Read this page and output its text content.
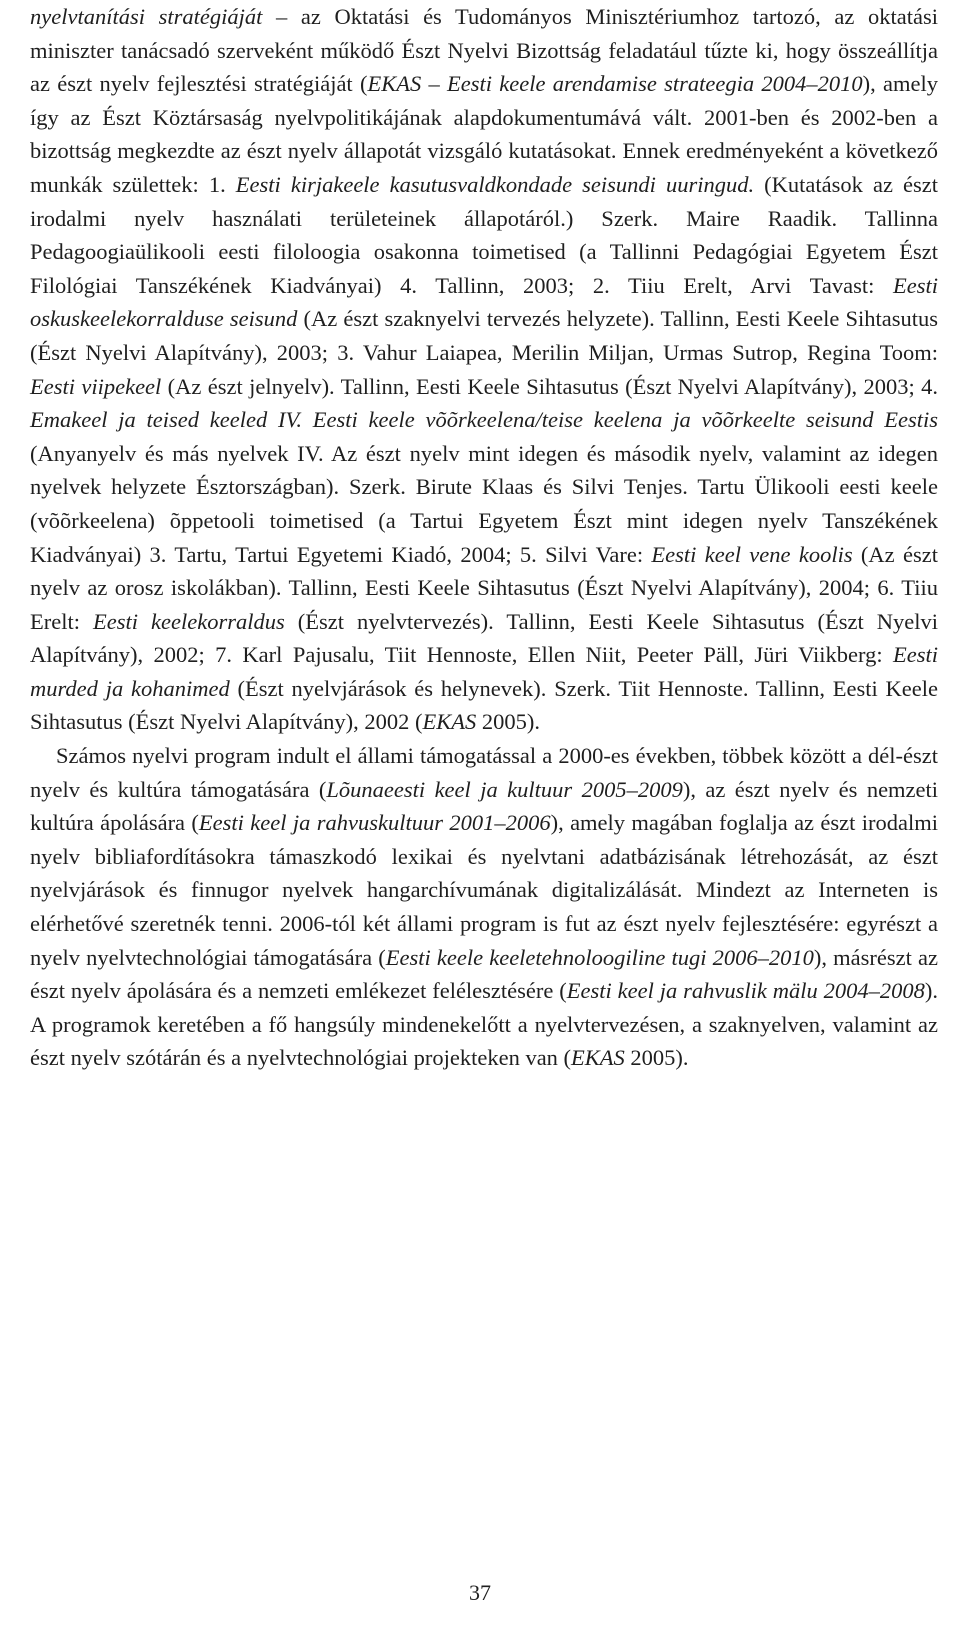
nyelvtanítási stratégiáját – az Oktatási és Tudományos Minisztériumhoz tartozó, az oktatási miniszter tanácsadó szerveként működő Észt Nyelvi Bizottság feladatául tűzte ki, hogy összeállítja az észt nyelv fejlesztési stratégiáját (EKAS – Eesti keele arendamise strateegia 2004–2010), amely így az Észt Köztársaság nyelvpolitikájának alapdokumentumává vált. 2001-ben és 2002-ben a bizottság megkezdte az észt nyelv állapotát vizsgáló kutatásokat. Ennek eredményeként a következő munkák születtek: 1. Eesti kirjakeele kasutusvaldkondade seisundi uuringud. (Kutatások az észt irodalmi nyelv használati területeinek állapotáról.) Szerk. Maire Raadik. Tallinna Pedagoogiaülikooli eesti filoloogia osakonna toimetised (a Tallinni Pedagógiai Egyetem Észt Filológiai Tanszékének Kiadványai) 4. Tallinn, 2003; 2. Tiiu Erelt, Arvi Tavast: Eesti oskuskeelekorralduse seisund (Az észt szaknyelvi tervezés helyzete). Tallinn, Eesti Keele Sihtasutus (Észt Nyelvi Alapítvány), 2003; 3. Vahur Laiapea, Merilin Miljan, Urmas Sutrop, Regina Toom: Eesti viipekeel (Az észt jelnyelv). Tallinn, Eesti Keele Sihtasutus (Észt Nyelvi Alapítvány), 2003; 4. Emakeel ja teised keeled IV. Eesti keele võõrkeelena/teise keelena ja võõrkeelte seisund Eestis (Anyanyelv és más nyelvek IV. Az észt nyelv mint idegen és második nyelv, valamint az idegen nyelvek helyzete Észtországban). Szerk. Birute Klaas és Silvi Tenjes. Tartu Ülikooli eesti keele (võõrkeelena) õppetooli toimetised (a Tartui Egyetem Észt mint idegen nyelv Tanszékének Kiadványai) 3. Tartu, Tartui Egyetemi Kiadó, 2004; 5. Silvi Vare: Eesti keel vene koolis (Az észt nyelv az orosz iskolákban). Tallinn, Eesti Keele Sihtasutus (Észt Nyelvi Alapítvány), 2004; 6. Tiiu Erelt: Eesti keelekorraldus (Észt nyelvtervezés). Tallinn, Eesti Keele Sihtasutus (Észt Nyelvi Alapítvány), 2002; 7. Karl Pajusalu, Tiit Hennoste, Ellen Niit, Peeter Päll, Jüri Viikberg: Eesti murded ja kohanimed (Észt nyelvjárások és helynevek). Szerk. Tiit Hennoste. Tallinn, Eesti Keele Sihtasutus (Észt Nyelvi Alapítvány), 2002 (EKAS 2005).

Számos nyelvi program indult el állami támogatással a 2000-es években, többek között a dél-észt nyelv és kultúra támogatására (Lõunaeesti keel ja kultuur 2005–2009), az észt nyelv és nemzeti kultúra ápolására (Eesti keel ja rahvuskultuur 2001–2006), amely magában foglalja az észt irodalmi nyelv bibliafordításokra támaszkodó lexikai és nyelvtani adatbázisának létrehozását, az észt nyelvjárások és finnugor nyelvek hangarchívumának digitalizálását. Mindezt az Interneten is elérhetővé szeretnék tenni. 2006-tól két állami program is fut az észt nyelv fejlesztésére: egyrészt a nyelv nyelvtechnológiai támogatására (Eesti keele keeletehnoloogiline tugi 2006–2010), másrészt az észt nyelv ápolására és a nemzeti emlékezet felélesztésére (Eesti keel ja rahvuslik mälu 2004–2008). A programok keretében a fő hangsúly mindenekelőtt a nyelvtervezésen, a szaknyelven, valamint az észt nyelv szótárán és a nyelvtechnológiai projekteken van (EKAS 2005).

37
